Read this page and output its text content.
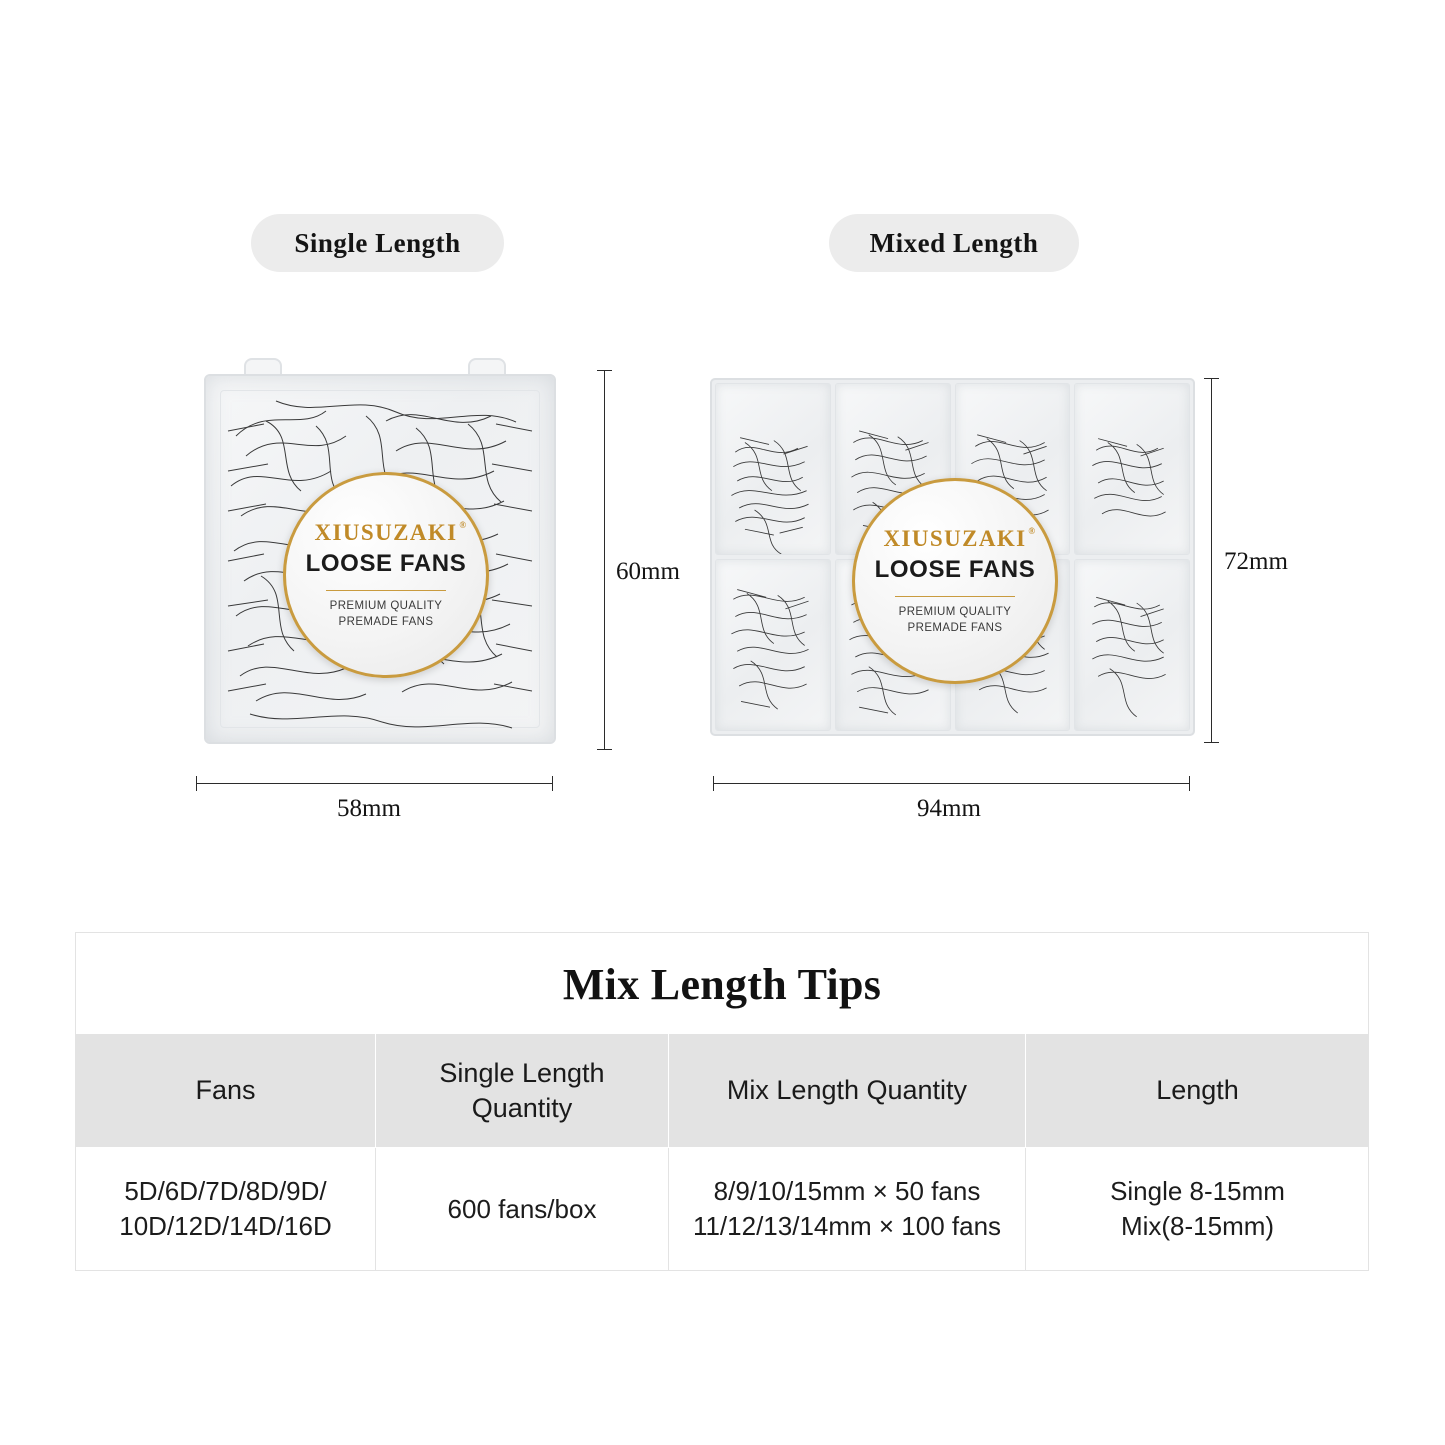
Single Length	Mixed Length
XIUSUZAKI ®
LOOSE FANS
PREMIUM QUALITY
PREMADE FANS
XIUSUZAKI ®
LOOSE FANS
PREMIUM QUALITY
PREMADE FANS
60mm
58mm
72mm
94mm
Mix Length Tips
Fans
Single Length
Quantity
Mix Length Quantity	Length
5D/6D/7D/8D/9D/
10D/12D/14D/16D
600 fans/box
8/9/10/15mm × 50 fans
11/12/13/14mm × 100 fans
Single 8-15mm
Mix(8-15mm)
